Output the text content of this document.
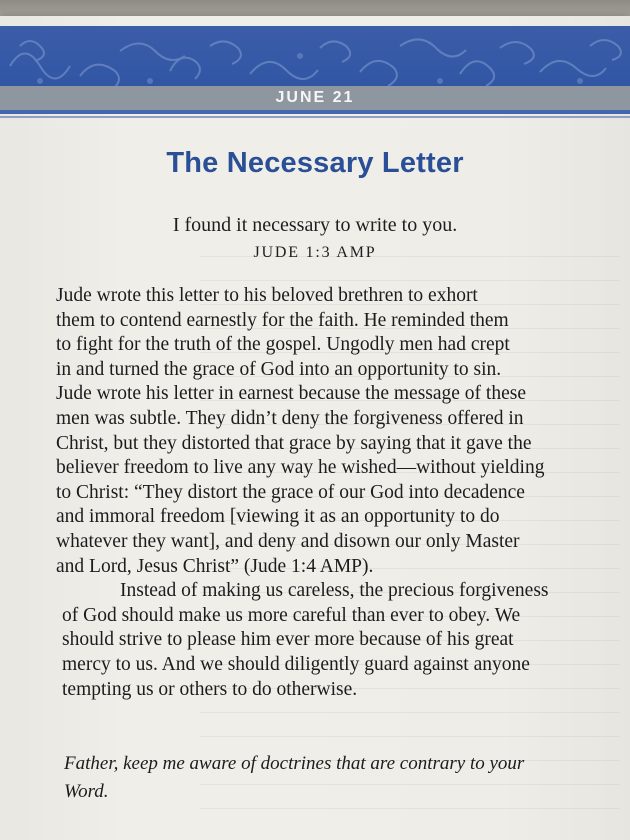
JUNE 21
The Necessary Letter
I found it necessary to write to you.
JUDE 1:3 AMP
Jude wrote this letter to his beloved brethren to exhort
them to contend earnestly for the faith. He reminded them
to fight for the truth of the gospel. Ungodly men had crept
in and turned the grace of God into an opportunity to sin.
Jude wrote his letter in earnest because the message of these
men was subtle. They didn’t deny the forgiveness offered in
Christ, but they distorted that grace by saying that it gave the
believer freedom to live any way he wished—without yielding
to Christ: “They distort the grace of our God into decadence
and immoral freedom [viewing it as an opportunity to do
whatever they want], and deny and disown our only Master
and Lord, Jesus Christ” (Jude 1:4 AMP).
Instead of making us careless, the precious forgiveness
of God should make us more careful than ever to obey. We
should strive to please him ever more because of his great
mercy to us. And we should diligently guard against anyone
tempting us or others to do otherwise.
Father, keep me aware of doctrines that are contrary to your
Word.
